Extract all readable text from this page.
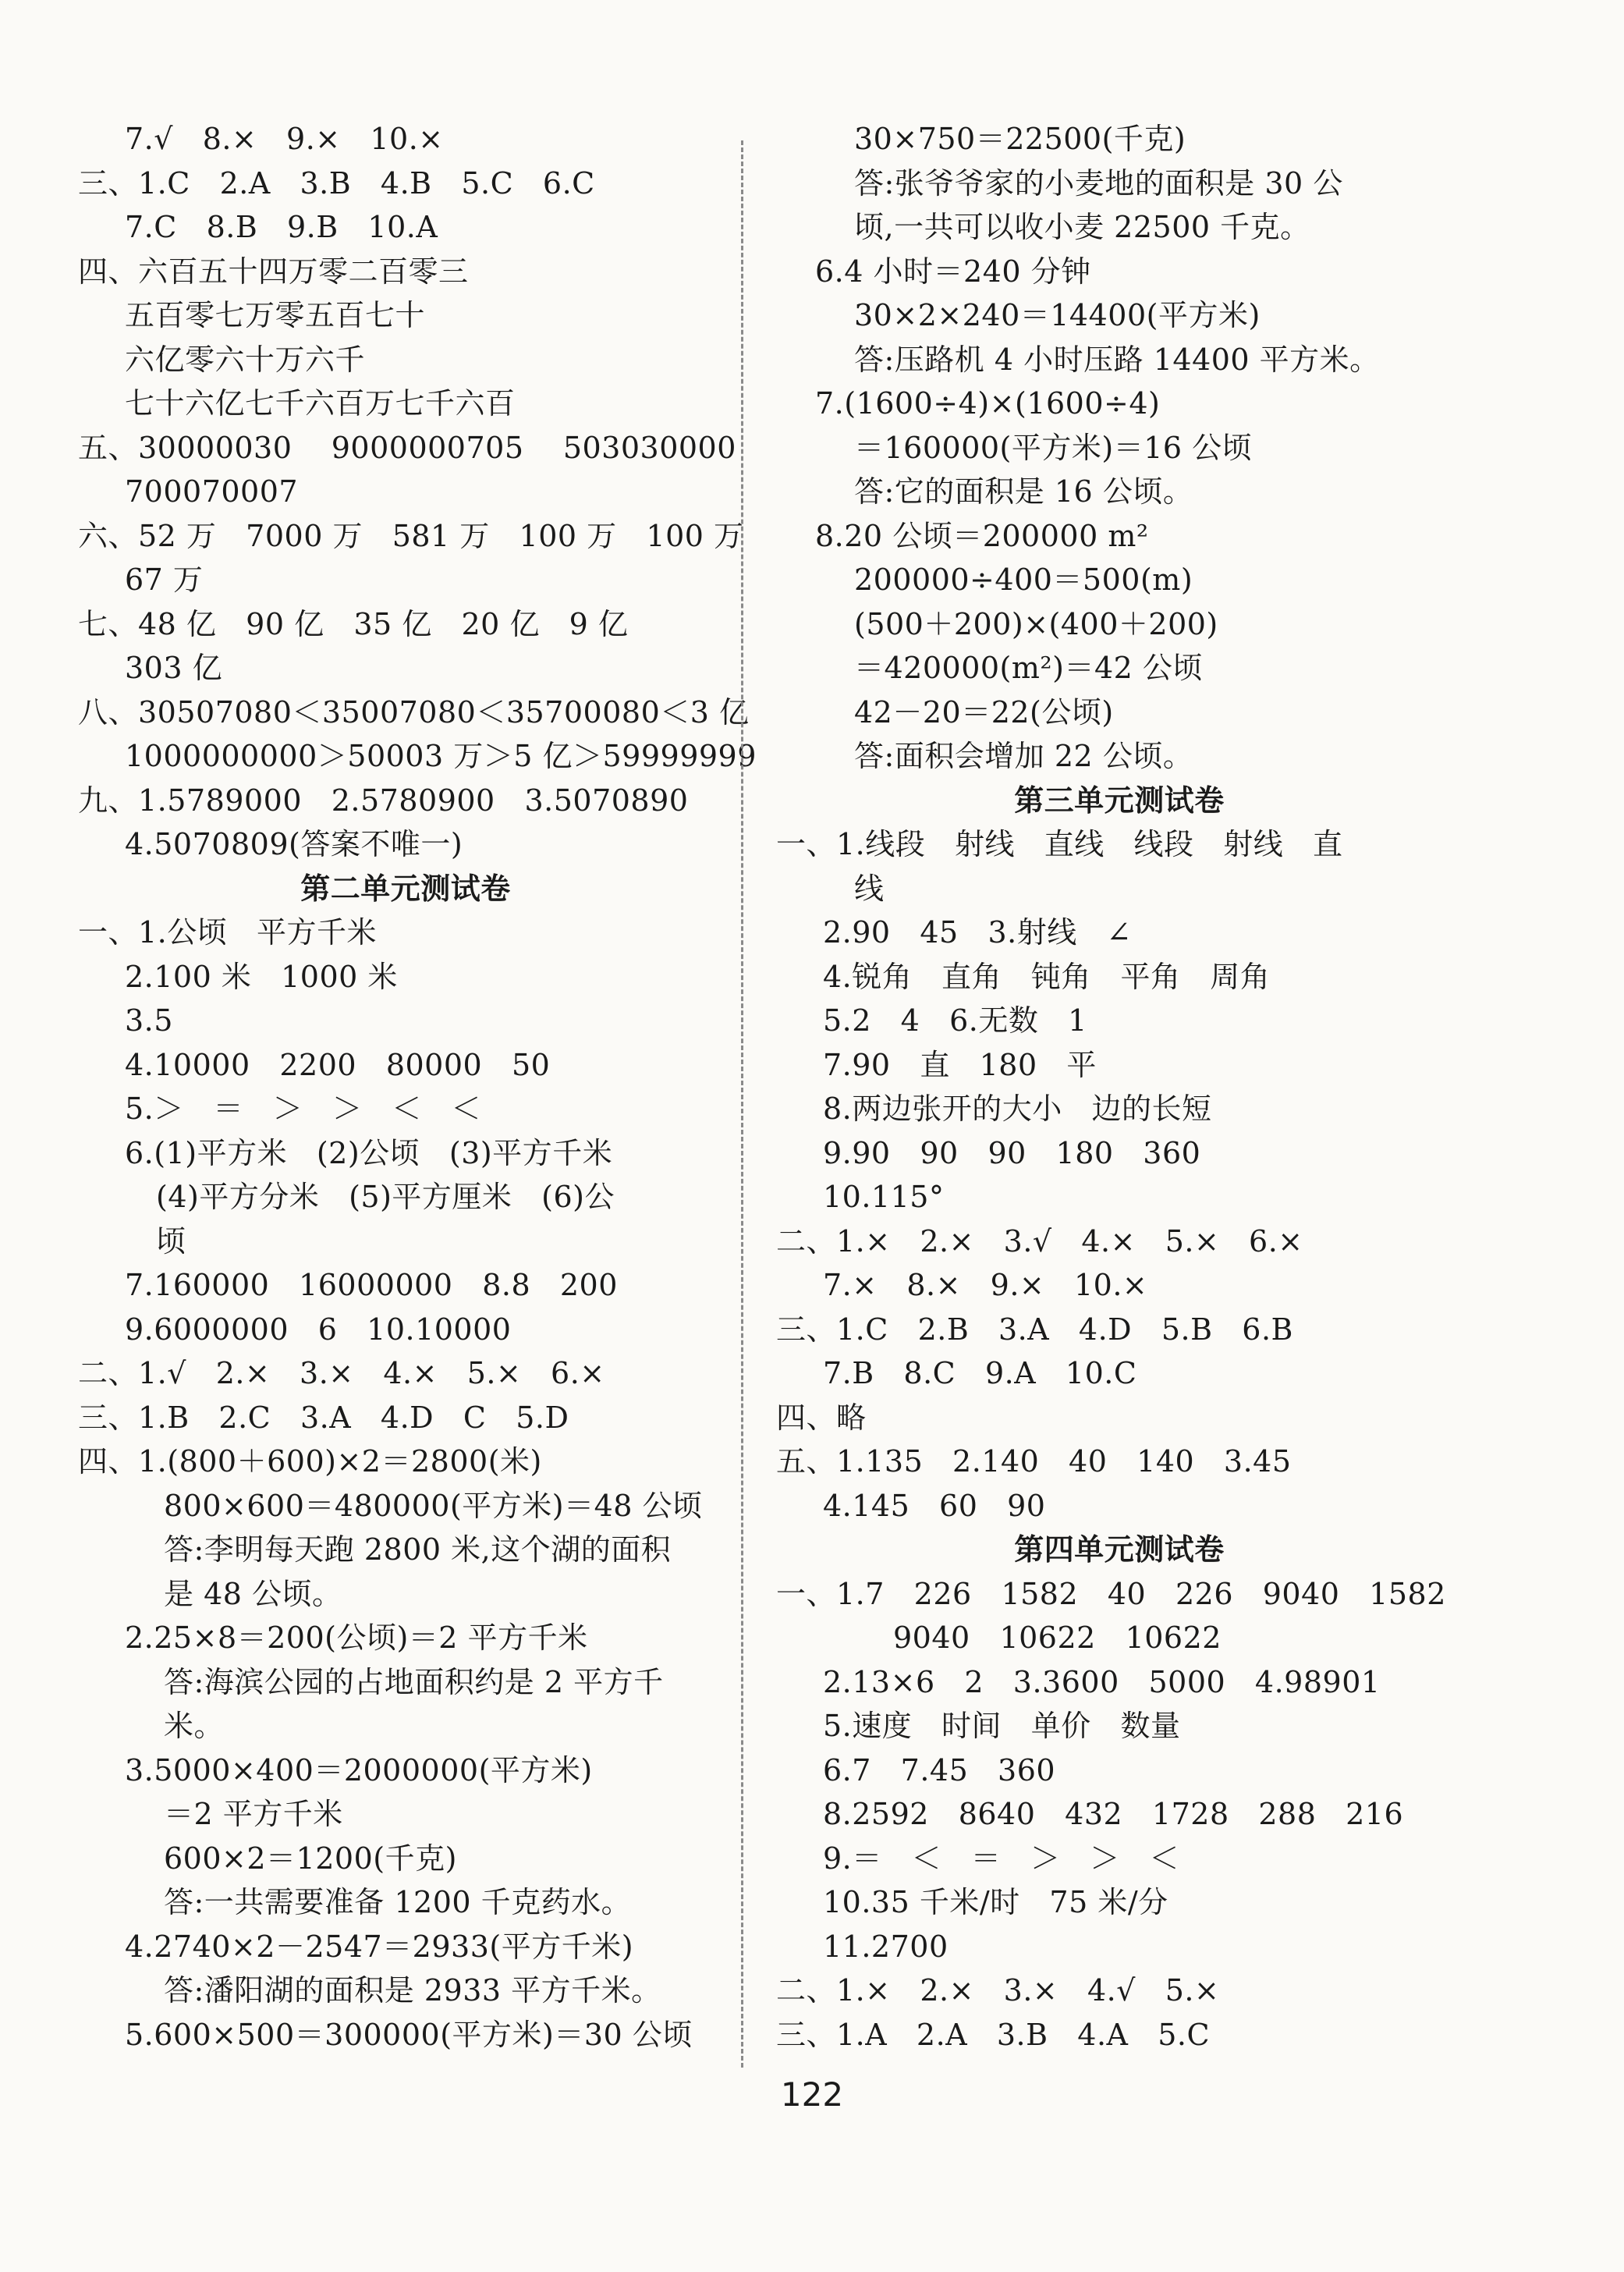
7.√   8.×   9.×   10.×
三、1.C   2.A   3.B   4.B   5.C   6.C
7.C   8.B   9.B   10.A
四、六百五十四万零二百零三
五百零七万零五百七十
六亿零六十万六千
七十六亿七千六百万七千六百
五、30000030    9000000705    503030000
700070007
六、52 万   7000 万   581 万   100 万   100 万
67 万
七、48 亿   90 亿   35 亿   20 亿   9 亿
303 亿
八、30507080＜35007080＜35700080＜3 亿
1000000000＞50003 万＞5 亿＞59999999
九、1.5789000   2.5780900   3.5070890
4.5070809(答案不唯一)
第二单元测试卷
一、1.公顷   平方千米
2.100 米   1000 米
3.5
4.10000   2200   80000   50
5.＞   ＝   ＞   ＞   ＜   ＜
6.(1)平方米   (2)公顷   (3)平方千米
(4)平方分米   (5)平方厘米   (6)公
顷
7.160000   16000000   8.8   200
9.6000000   6   10.10000
二、1.√   2.×   3.×   4.×   5.×   6.×
三、1.B   2.C   3.A   4.D   C   5.D
四、1.(800＋600)×2＝2800(米)
800×600＝480000(平方米)＝48 公顷
答:李明每天跑 2800 米,这个湖的面积
是 48 公顷。
2.25×8＝200(公顷)＝2 平方千米
答:海滨公园的占地面积约是 2 平方千
米。
3.5000×400＝2000000(平方米)
＝2 平方千米
600×2＝1200(千克)
答:一共需要准备 1200 千克药水。
4.2740×2－2547＝2933(平方千米)
答:潘阳湖的面积是 2933 平方千米。
5.600×500＝300000(平方米)＝30 公顷
30×750＝22500(千克)
答:张爷爷家的小麦地的面积是 30 公
顷,一共可以收小麦 22500 千克。
6.4 小时＝240 分钟
30×2×240＝14400(平方米)
答:压路机 4 小时压路 14400 平方米。
7.(1600÷4)×(1600÷4)
＝160000(平方米)＝16 公顷
答:它的面积是 16 公顷。
8.20 公顷＝200000 m²
200000÷400＝500(m)
(500＋200)×(400＋200)
＝420000(m²)＝42 公顷
42－20＝22(公顷)
答:面积会增加 22 公顷。
第三单元测试卷
一、1.线段   射线   直线   线段   射线   直
线
2.90   45   3.射线   ∠
4.锐角   直角   钝角   平角   周角
5.2   4   6.无数   1
7.90   直   180   平
8.两边张开的大小   边的长短
9.90   90   90   180   360
10.115°
二、1.×   2.×   3.√   4.×   5.×   6.×
7.×   8.×   9.×   10.×
三、1.C   2.B   3.A   4.D   5.B   6.B
7.B   8.C   9.A   10.C
四、略
五、1.135   2.140   40   140   3.45
4.145   60   90
第四单元测试卷
一、1.7   226   1582   40   226   9040   1582
9040   10622   10622
2.13×6   2   3.3600   5000   4.98901
5.速度   时间   单价   数量
6.7   7.45   360
8.2592   8640   432   1728   288   216
9.＝   ＜   ＝   ＞   ＞   ＜
10.35 千米/时   75 米/分
11.2700
二、1.×   2.×   3.×   4.√   5.×
三、1.A   2.A   3.B   4.A   5.C
122
